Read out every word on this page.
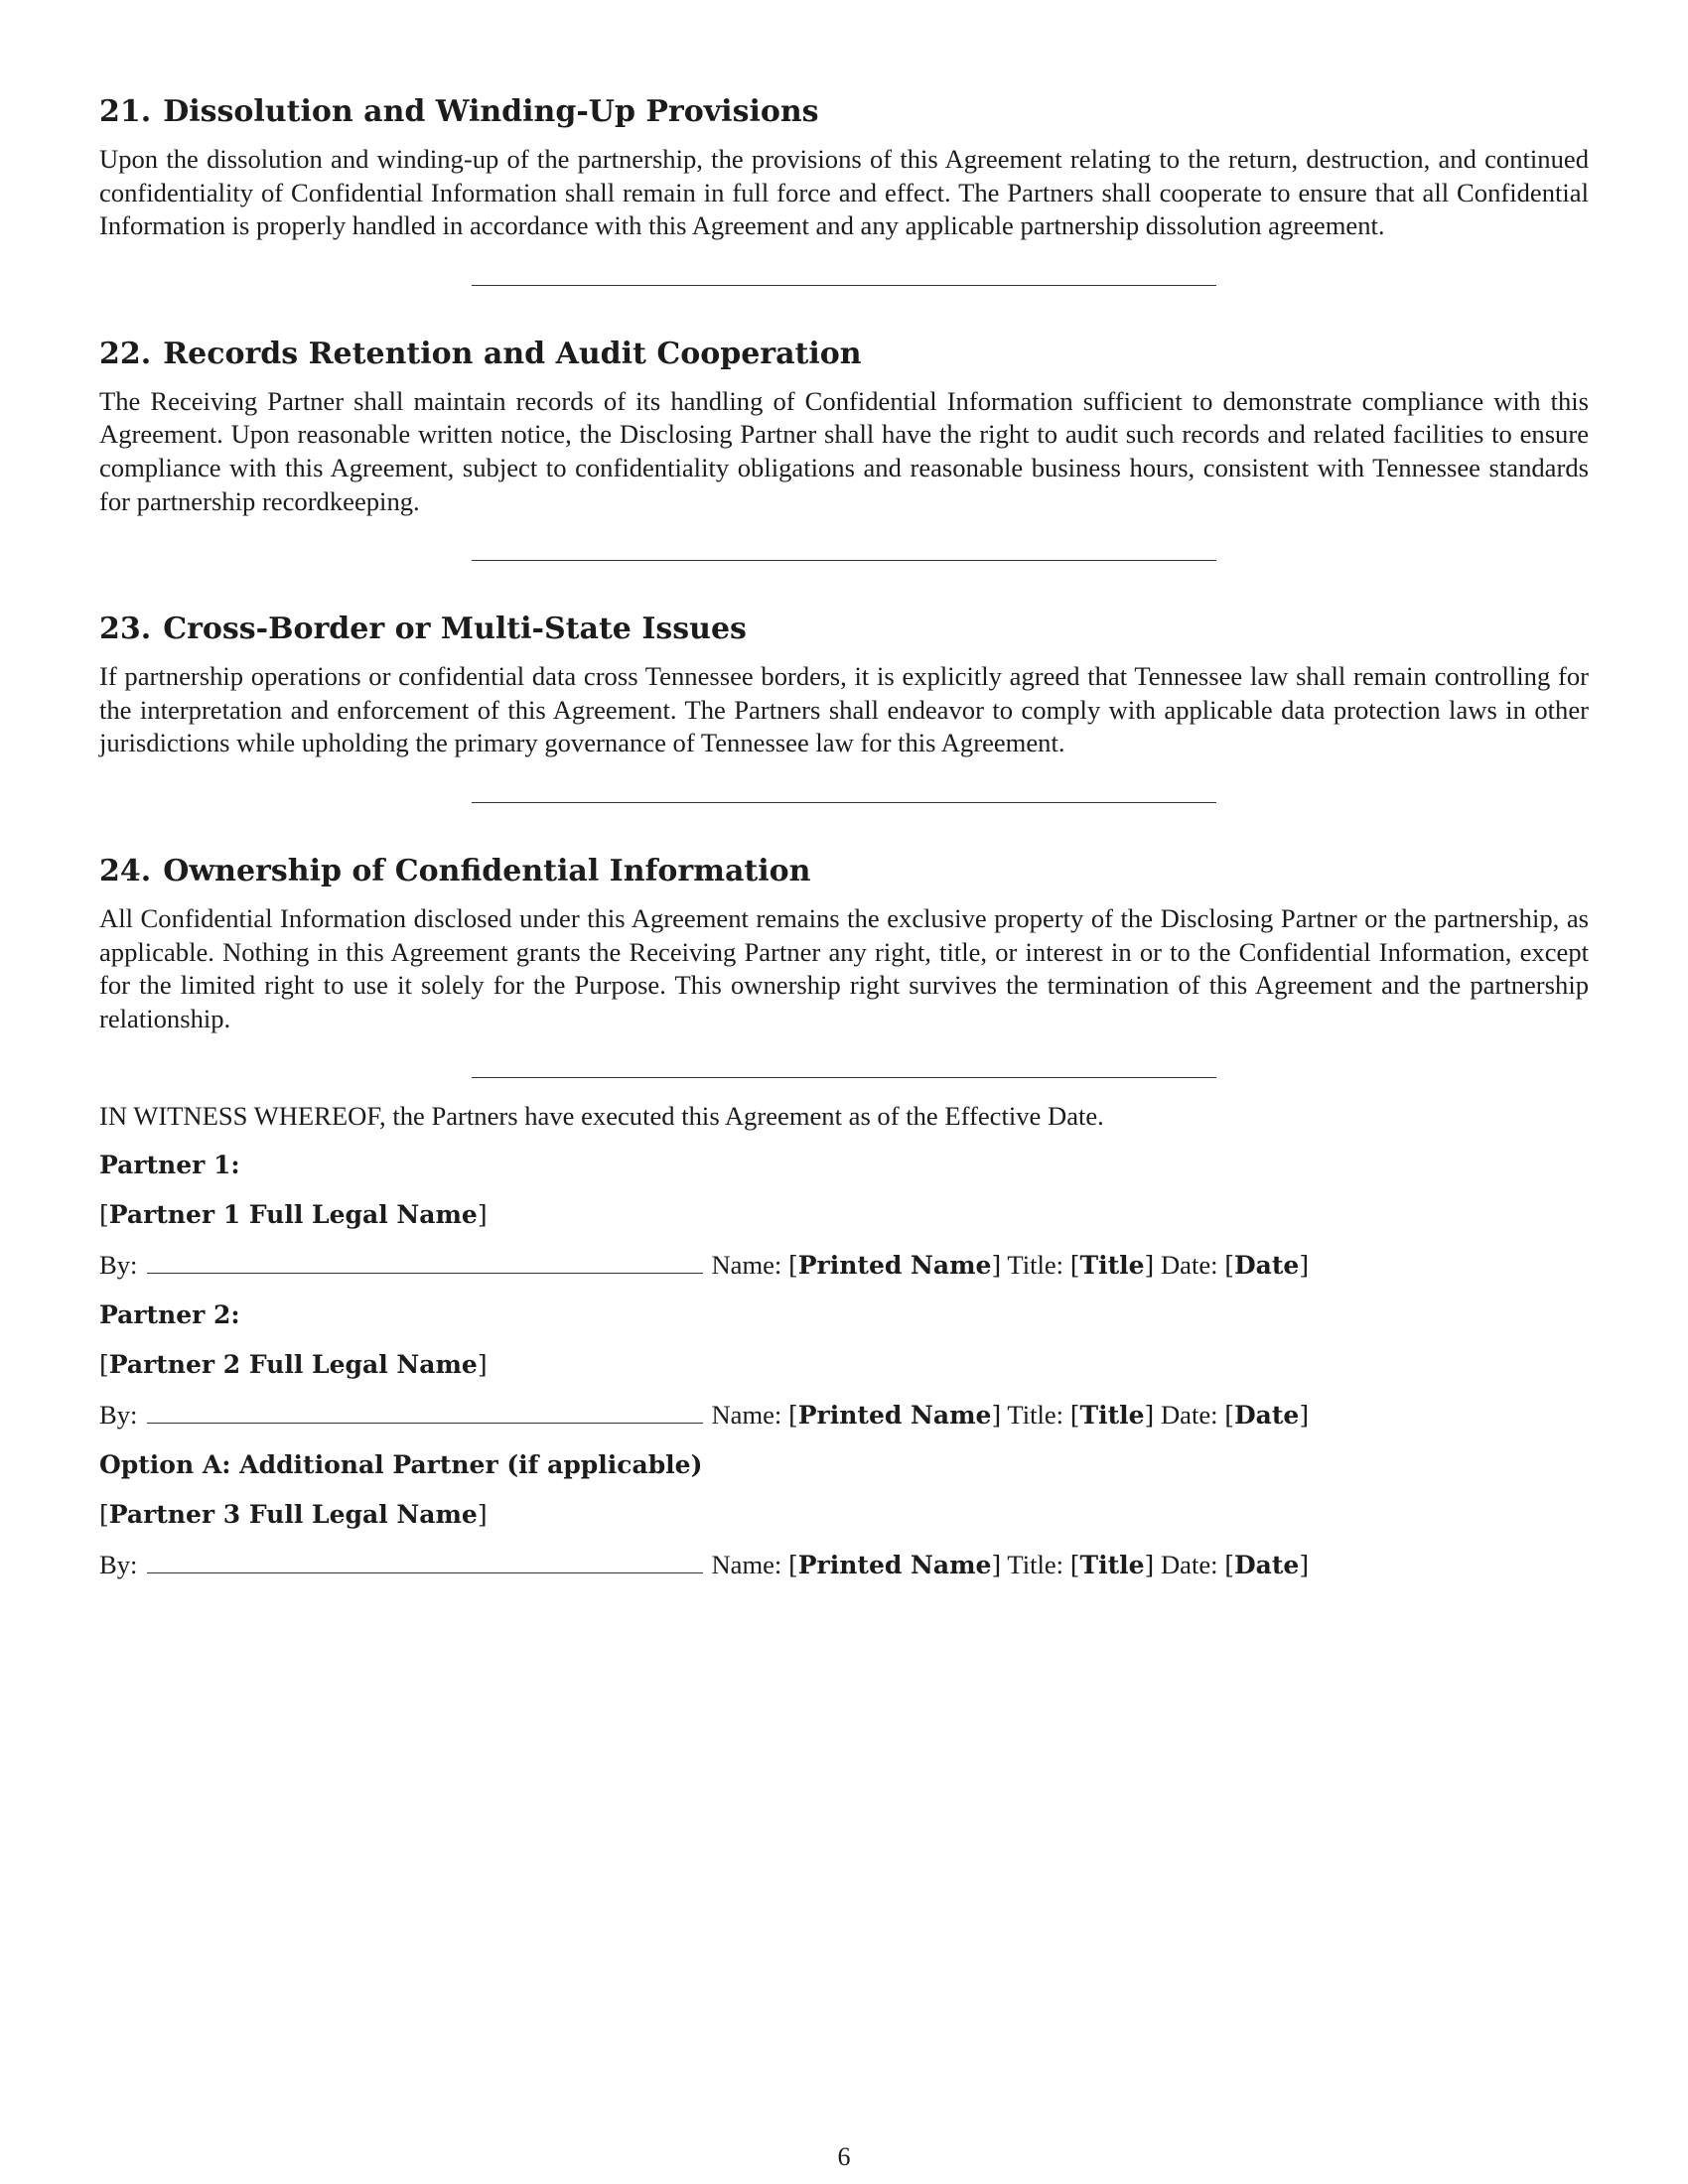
21. Dissolution and Winding-Up Provisions

Upon the dissolution and winding-up of the partnership, the provisions of this Agreement relating to the return, destruction, and continued confidentiality of Confidential Information shall remain in full force and effect. The Partners shall cooperate to ensure that all Confidential Information is properly handled in accordance with this Agreement and any applicable partnership dissolution agreement.

22. Records Retention and Audit Cooperation

The Receiving Partner shall maintain records of its handling of Confidential Information sufficient to demonstrate compliance with this Agreement. Upon reasonable written notice, the Disclosing Partner shall have the right to audit such records and related facilities to ensure compliance with this Agreement, subject to confidentiality obligations and reasonable business hours, consistent with Tennessee standards for partnership recordkeeping.

23. Cross-Border or Multi-State Issues

If partnership operations or confidential data cross Tennessee borders, it is explicitly agreed that Tennessee law shall remain controlling for the interpretation and enforcement of this Agreement. The Partners shall endeavor to comply with applicable data protection laws in other jurisdictions while upholding the primary governance of Tennessee law for this Agreement.

24. Ownership of Confidential Information

All Confidential Information disclosed under this Agreement remains the exclusive property of the Disclosing Partner or the partnership, as applicable. Nothing in this Agreement grants the Receiving Partner any right, title, or interest in or to the Confidential Information, except for the limited right to use it solely for the Purpose. This ownership right survives the termination of this Agreement and the partnership relationship.

IN WITNESS WHEREOF, the Partners have executed this Agreement as of the Effective Date.

Partner 1:

[Partner 1 Full Legal Name]

By:	Name: [Printed Name] Title: [Title] Date: [Date]

Partner 2:

[Partner 2 Full Legal Name]

By:	Name: [Printed Name] Title: [Title] Date: [Date]

Option A: Additional Partner (if applicable)

[Partner 3 Full Legal Name]

By:	Name: [Printed Name] Title: [Title] Date: [Date]

6
